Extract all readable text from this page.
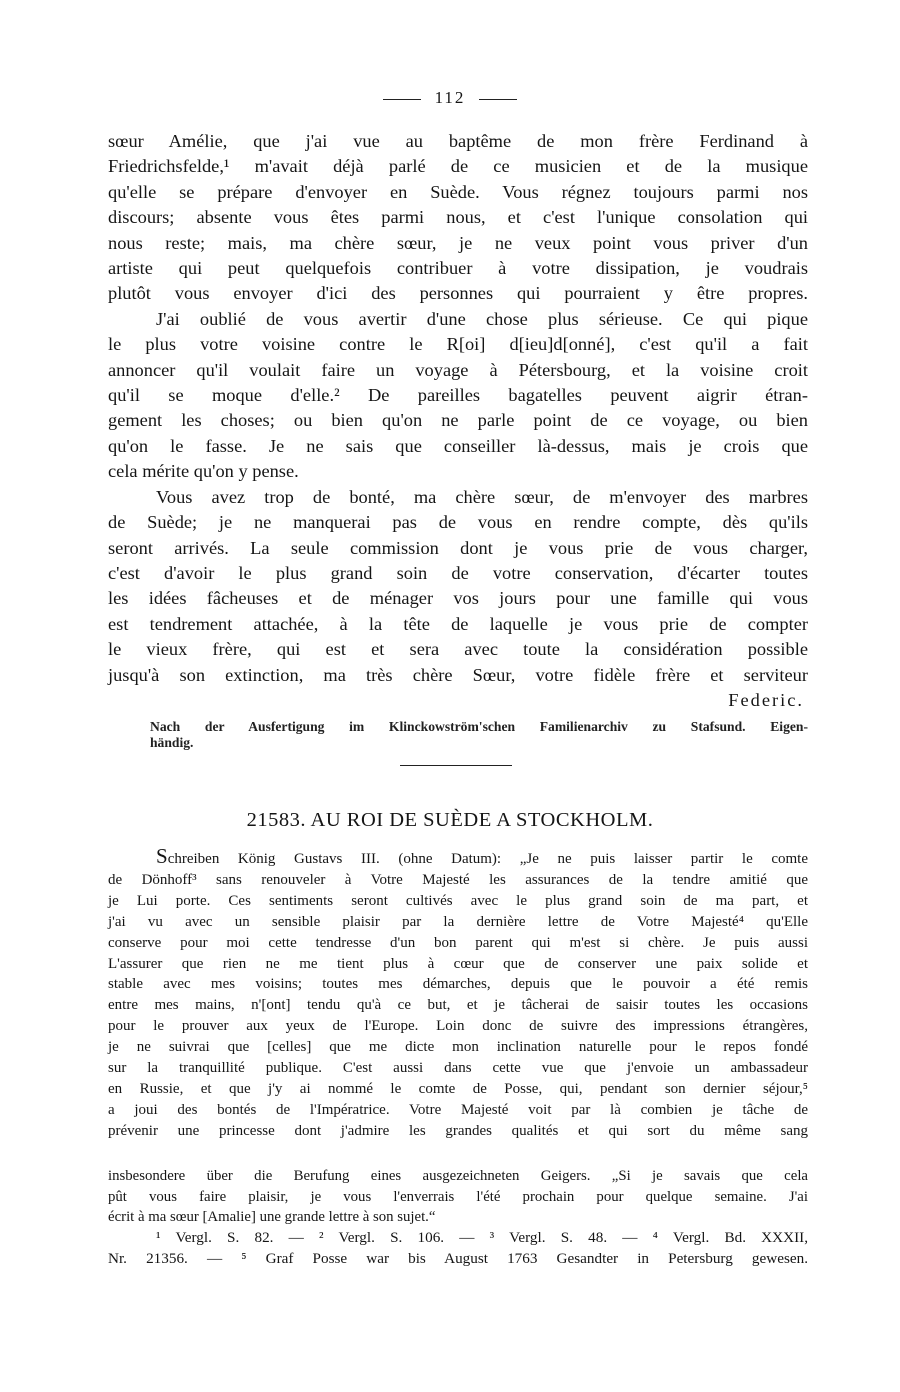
112
sœur Amélie, que j'ai vue au baptême de mon frère Ferdinand à
Friedrichsfelde,¹ m'avait déjà parlé de ce musicien et de la musique
qu'elle se prépare d'envoyer en Suède. Vous régnez toujours parmi nos
discours; absente vous êtes parmi nous, et c'est l'unique consolation qui
nous reste; mais, ma chère sœur, je ne veux point vous priver d'un
artiste qui peut quelquefois contribuer à votre dissipation, je voudrais
plutôt vous envoyer d'ici des personnes qui pourraient y être propres.
J'ai oublié de vous avertir d'une chose plus sérieuse. Ce qui pique
le plus votre voisine contre le R[oi] d[ieu]d[onné], c'est qu'il a fait
annoncer qu'il voulait faire un voyage à Pétersbourg, et la voisine croit
qu'il se moque d'elle.² De pareilles bagatelles peuvent aigrir étran-
gement les choses; ou bien qu'on ne parle point de ce voyage, ou bien
qu'on le fasse. Je ne sais que conseiller là-dessus, mais je crois que
cela mérite qu'on y pense.
Vous avez trop de bonté, ma chère sœur, de m'envoyer des marbres
de Suède; je ne manquerai pas de vous en rendre compte, dès qu'ils
seront arrivés. La seule commission dont je vous prie de vous charger,
c'est d'avoir le plus grand soin de votre conservation, d'écarter toutes
les idées fâcheuses et de ménager vos jours pour une famille qui vous
est tendrement attachée, à la tête de laquelle je vous prie de compter
le vieux frère, qui est et sera avec toute la considération possible
jusqu'à son extinction, ma très chère Sœur, votre fidèle frère et serviteur
Federic.
Nach der Ausfertigung im Klinckowström'schen Familienarchiv zu Stafsund. Eigen-
händig.
21583. AU ROI DE SUÈDE A STOCKHOLM.
Schreiben König Gustavs III. (ohne Datum): „Je ne puis laisser partir le comte
de Dönhoff³ sans renouveler à Votre Majesté les assurances de la tendre amitié que
je Lui porte. Ces sentiments seront cultivés avec le plus grand soin de ma part, et
j'ai vu avec un sensible plaisir par la dernière lettre de Votre Majesté⁴ qu'Elle
conserve pour moi cette tendresse d'un bon parent qui m'est si chère. Je puis aussi
L'assurer que rien ne me tient plus à cœur que de conserver une paix solide et
stable avec mes voisins; toutes mes démarches, depuis que le pouvoir a été remis
entre mes mains, n'[ont] tendu qu'à ce but, et je tâcherai de saisir toutes les occasions
pour le prouver aux yeux de l'Europe. Loin donc de suivre des impressions étrangères,
je ne suivrai que [celles] que me dicte mon inclination naturelle pour le repos fondé
sur la tranquillité publique. C'est aussi dans cette vue que j'envoie un ambassadeur
en Russie, et que j'y ai nommé le comte de Posse, qui, pendant son dernier séjour,⁵
a joui des bontés de l'Impératrice. Votre Majesté voit par là combien je tâche de
prévenir une princesse dont j'admire les grandes qualités et qui sort du même sang
insbesondere über die Berufung eines ausgezeichneten Geigers. „Si je savais que cela
pût vous faire plaisir, je vous l'enverrais l'été prochain pour quelque semaine. J'ai
écrit à ma sœur [Amalie] une grande lettre à son sujet.“
¹ Vergl. S. 82. — ² Vergl. S. 106. — ³ Vergl. S. 48. — ⁴ Vergl. Bd. XXXII,
Nr. 21356. — ⁵ Graf Posse war bis August 1763 Gesandter in Petersburg gewesen.
